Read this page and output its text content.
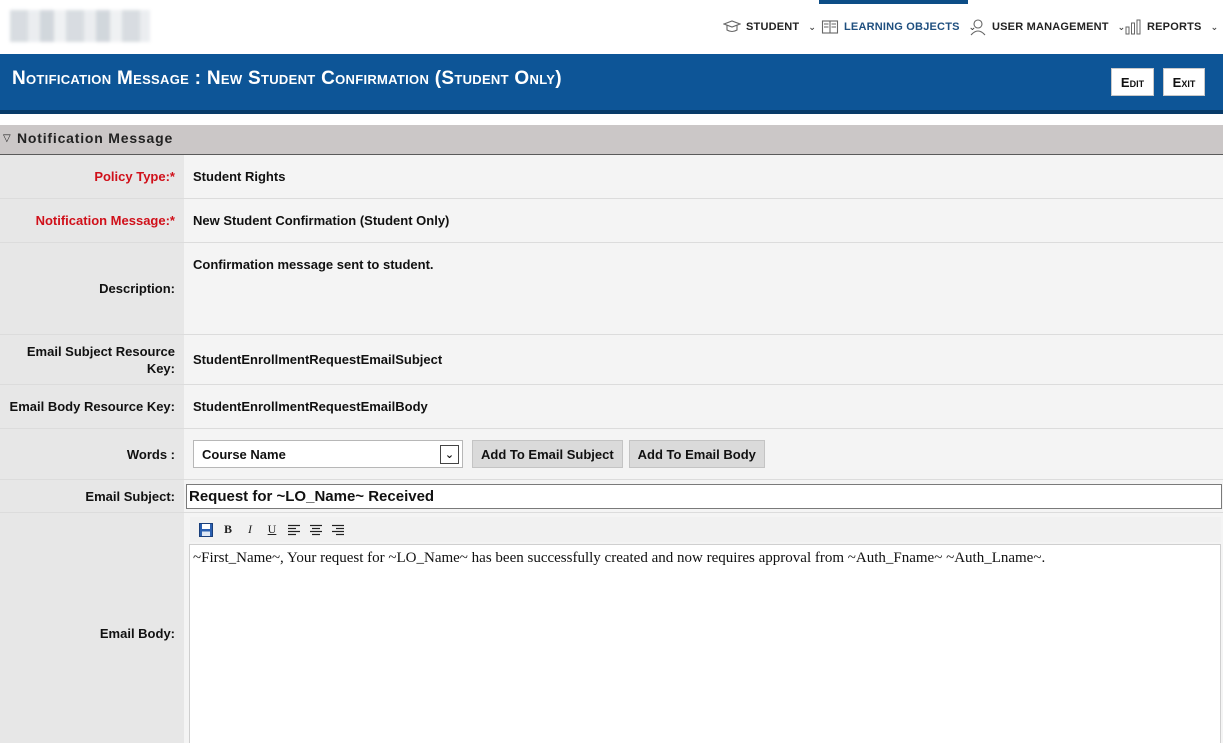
STUDENT ⌄	LEARNING OBJECTS ⌄ USER MANAGEMENT ⌄ REPORTS ⌄
Notification Message : New Student Confirmation (Student Only)	Edit	Exit
▽ Notification Message
Policy Type:*	Student Rights
Notification Message:*	New Student Confirmation (Student Only)
Description:
Confirmation message sent to student.
Email Subject Resource Key:
StudentEnrollmentRequestEmailSubject
Email Body Resource Key:	StudentEnrollmentRequestEmailBody
Words :	Course Name	⌄	Add To Email Subject	Add To Email Body
Email Subject: Request for ~LO_Name~ Received
Email Body:
B	I	U
~First_Name~, Your request for ~LO_Name~ has been successfully created and now requires approval from ~Auth_Fname~ ~Auth_Lname~.
